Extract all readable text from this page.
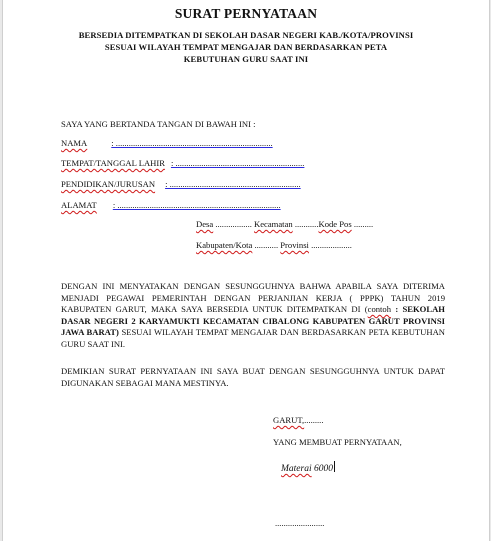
SURAT PERNYATAAN
BERSEDIA DITEMPATKAN DI SEKOLAH DASAR NEGERI KAB./KOTA/PROVINSI
SESUAI WILAYAH TEMPAT MENGAJAR DAN BERDASARKAN PETA
KEBUTUHAN GURU SAAT INI
SAYA YANG BERTANDA TANGAN DI BAWAH INI :
NAMA	: .........................................................................
TEMPAT/TANGGAL LAHIR : ............................................................
PENDIDIKAN/JURUSAN : .............................................................
ALAMAT : ............................................................................
Desa ................. Kecamatan ...........Kode Pos .........
Kabupaten/Kota ........... Provinsi ...................
DENGAN INI MENYATAKAN DENGAN SESUNGGUHNYA BAHWA APABILA SAYA DITERIMA MENJADI PEGAWAI PEMERINTAH DENGAN PERJANJIAN KERJA ( PPPK) TAHUN 2019 KABUPATEN GARUT, MAKA SAYA BERSEDIA UNTUK DITEMPATKAN DI (contoh : SEKOLAH DASAR NEGERI 2 KARYAMUKTI KECAMATAN CIBALONG KABUPATEN GARUT PROVINSI JAWA BARAT) SESUAI WILAYAH TEMPAT MENGAJAR DAN BERDASARKAN PETA KEBUTUHAN GURU SAAT INI.
DEMIKIAN SURAT PERNYATAAN INI SAYA BUAT DENGAN SESUNGGUHNYA UNTUK DAPAT DIGUNAKAN SEBAGAI MANA MESTINYA.
GARUT,.........
YANG MEMBUAT PERNYATAAN,
Materai 6000
.......................
